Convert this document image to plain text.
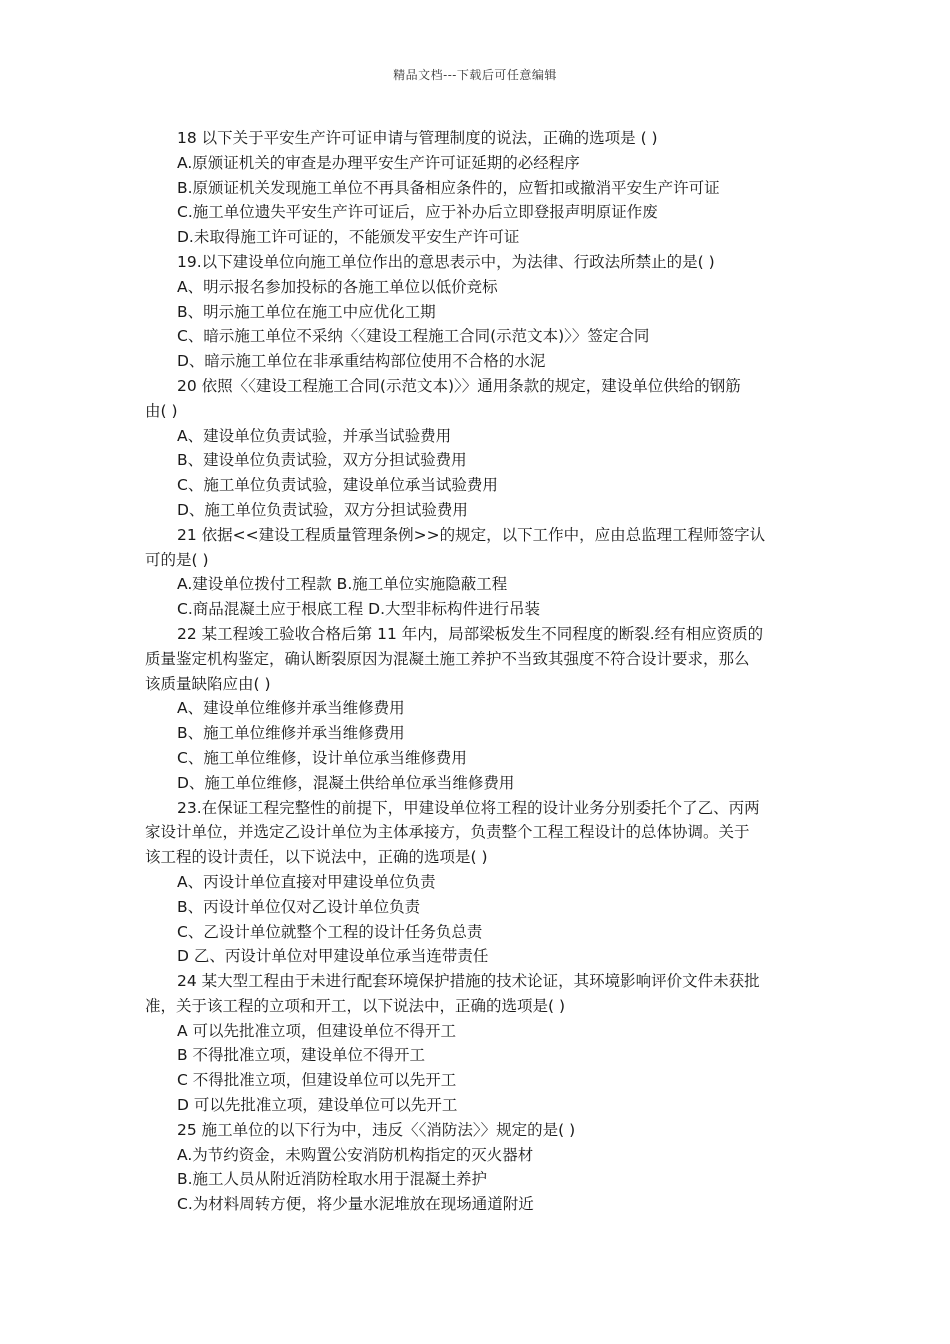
精品文档---下载后可任意编辑
18 以下关于平安生产许可证申请与管理制度的说法，正确的选项是 ( )
A.原颁证机关的审查是办理平安生产许可证延期的必经程序
B.原颁证机关发现施工单位不再具备相应条件的，应暂扣或撤消平安生产许可证
C.施工单位遗失平安生产许可证后，应于补办后立即登报声明原证作废
D.未取得施工许可证的，不能颁发平安生产许可证
19.以下建设单位向施工单位作出的意思表示中，为法律、行政法所禁止的是( )
A、明示报名参加投标的各施工单位以低价竞标
B、明示施工单位在施工中应优化工期
C、暗示施工单位不采纳〈〈建设工程施工合同(示范文本)〉〉签定合同
D、暗示施工单位在非承重结构部位使用不合格的水泥
20 依照〈〈建设工程施工合同(示范文本)〉〉通用条款的规定，建设单位供给的钢筋
由( )
A、建设单位负责试验，并承当试验费用
B、建设单位负责试验，双方分担试验费用
C、施工单位负责试验，建设单位承当试验费用
D、施工单位负责试验，双方分担试验费用
21 依据<<建设工程质量管理条例>>的规定，以下工作中，应由总监理工程师签字认
可的是( )
A.建设单位拨付工程款 B.施工单位实施隐蔽工程
C.商品混凝土应于根底工程 D.大型非标构件进行吊装
22 某工程竣工验收合格后第 11 年内，局部梁板发生不同程度的断裂.经有相应资质的
质量鉴定机构鉴定，确认断裂原因为混凝土施工养护不当致其强度不符合设计要求，那么
该质量缺陷应由( )
A、建设单位维修并承当维修费用
B、施工单位维修并承当维修费用
C、施工单位维修，设计单位承当维修费用
D、施工单位维修，混凝土供给单位承当维修费用
23.在保证工程完整性的前提下，甲建设单位将工程的设计业务分别委托个了乙、丙两
家设计单位，并选定乙设计单位为主体承接方，负责整个工程工程设计的总体协调。关于
该工程的设计责任，以下说法中，正确的选项是( )
A、丙设计单位直接对甲建设单位负责
B、丙设计单位仅对乙设计单位负责
C、乙设计单位就整个工程的设计任务负总责
D 乙、丙设计单位对甲建设单位承当连带责任
24 某大型工程由于未进行配套环境保护措施的技术论证，其环境影响评价文件未获批
准，关于该工程的立项和开工，以下说法中，正确的选项是( )
A 可以先批准立项，但建设单位不得开工
B 不得批准立项，建设单位不得开工
C 不得批准立项，但建设单位可以先开工
D 可以先批准立项，建设单位可以先开工
25 施工单位的以下行为中，违反〈〈消防法〉〉规定的是( )
A.为节约资金，未购置公安消防机构指定的灭火器材
B.施工人员从附近消防栓取水用于混凝土养护
C.为材料周转方便，将少量水泥堆放在现场通道附近
